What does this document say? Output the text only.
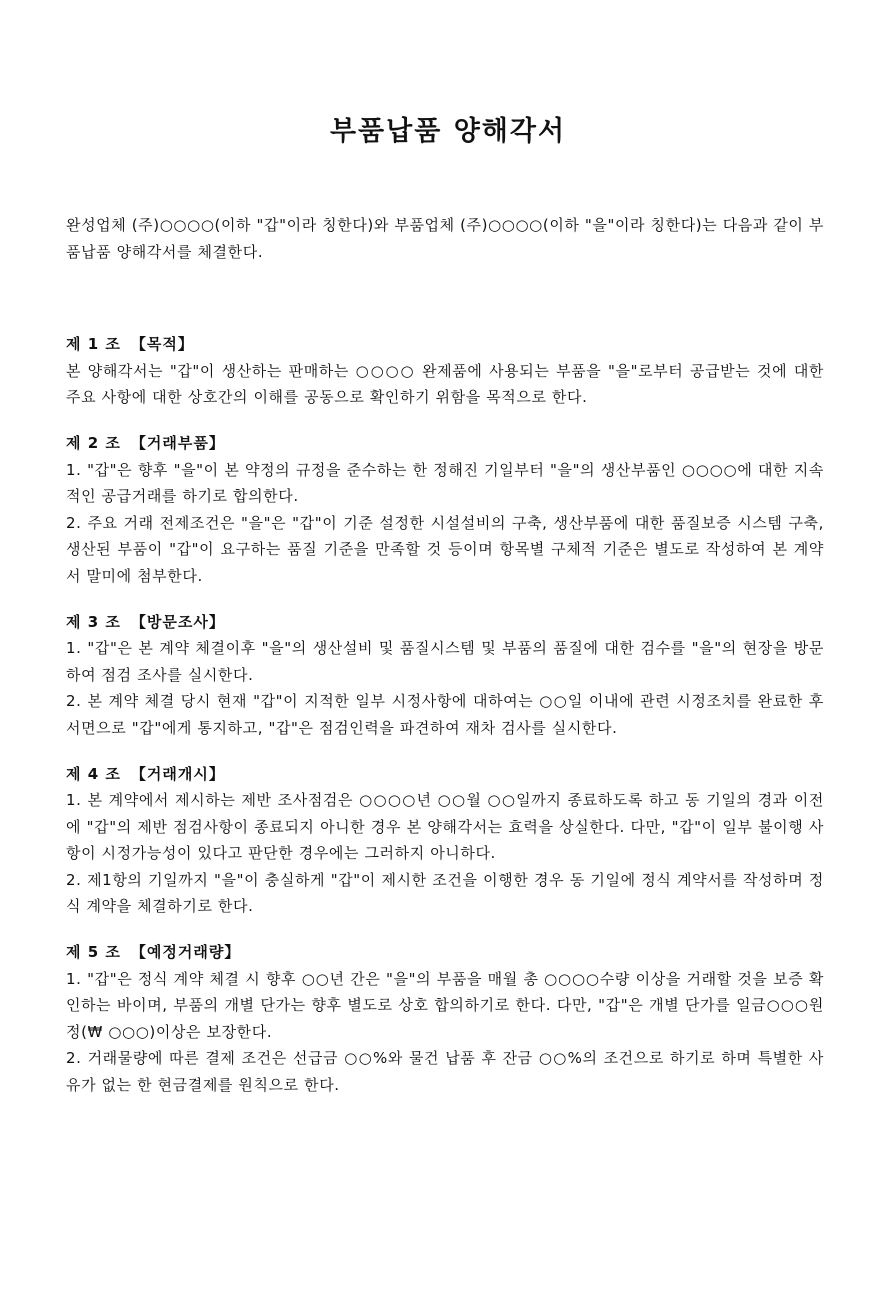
부품납품 양해각서

완성업체 (주)○○○○(이하 "갑"이라 칭한다)와 부품업체 (주)○○○○(이하 "을"이라 칭한다)는 다음과 같이 부품납품 양해각서를 체결한다.

제 1 조 【목적】

본 양해각서는 "갑"이 생산하는 판매하는 ○○○○ 완제품에 사용되는 부품을 "을"로부터 공급받는 것에 대한 주요 사항에 대한 상호간의 이해를 공동으로 확인하기 위함을 목적으로 한다.

제 2 조 【거래부품】

1. "갑"은 향후 "을"이 본 약정의 규정을 준수하는 한 정해진 기일부터 "을"의 생산부품인 ○○○○에 대한 지속적인 공급거래를 하기로 합의한다.

2. 주요 거래 전제조건은 "을"은 "갑"이 기준 설정한 시설설비의 구축, 생산부품에 대한 품질보증 시스템 구축, 생산된 부품이 "갑"이 요구하는 품질 기준을 만족할 것 등이며 항목별 구체적 기준은 별도로 작성하여 본 계약서 말미에 첨부한다.

제 3 조 【방문조사】

1. "갑"은 본 계약 체결이후 "을"의 생산설비 및 품질시스템 및 부품의 품질에 대한 검수를 "을"의 현장을 방문하여 점검 조사를 실시한다.

2. 본 계약 체결 당시 현재 "갑"이 지적한 일부 시정사항에 대하여는 ○○일 이내에 관련 시정조치를 완료한 후 서면으로 "갑"에게 통지하고, "갑"은 점검인력을 파견하여 재차 검사를 실시한다.

제 4 조 【거래개시】

1. 본 계약에서 제시하는 제반 조사점검은 ○○○○년 ○○월 ○○일까지 종료하도록 하고 동 기일의 경과 이전에 "갑"의 제반 점검사항이 종료되지 아니한 경우 본 양해각서는 효력을 상실한다. 다만, "갑"이 일부 불이행 사항이 시정가능성이 있다고 판단한 경우에는 그러하지 아니하다.

2. 제1항의 기일까지 "을"이 충실하게 "갑"이 제시한 조건을 이행한 경우 동 기일에 정식 계약서를 작성하며 정식 계약을 체결하기로 한다.

제 5 조 【예정거래량】

1. "갑"은 정식 계약 체결 시 향후 ○○년 간은 "을"의 부품을 매월 총 ○○○○수량 이상을 거래할 것을 보증 확인하는 바이며, 부품의 개별 단가는 향후 별도로 상호 합의하기로 한다. 다만, "갑"은 개별 단가를 일금○○○원정(₩ ○○○)이상은 보장한다.

2. 거래물량에 따른 결제 조건은 선급금 ○○%와 물건 납품 후 잔금 ○○%의 조건으로 하기로 하며 특별한 사유가 없는 한 현금결제를 원칙으로 한다.
